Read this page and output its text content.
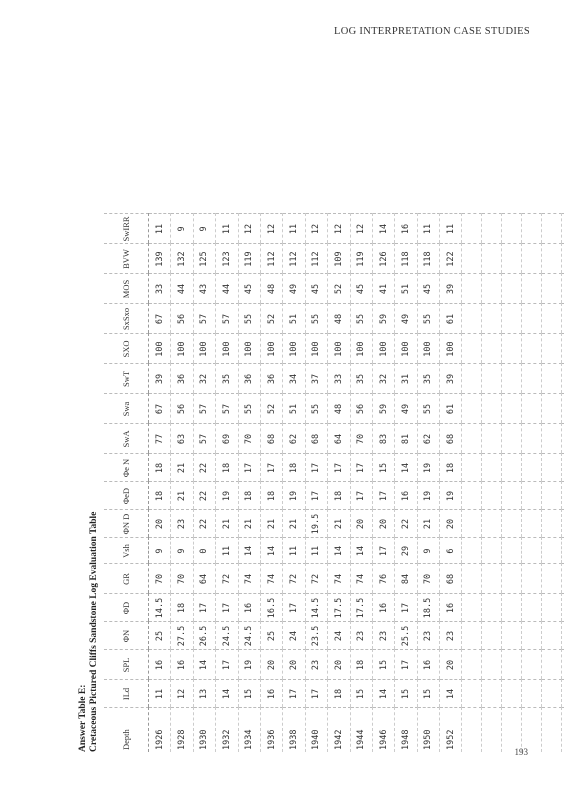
LOG INTERPRETATION CASE STUDIES
Answer Table E: Cretaceous Pictured Cliffs Sandstone Log Evaluation Table	Depth	ILd	SPL	ΦN	ΦD	GR	Vsh	ΦN D	ΦeD	Φe N	SwA	Swa	SwT	SXO	SxSxo	MOS	BVW	SwIRR
1926	11	16	25	14.5	70	9	20	18	18	77	67	39	100	67	33	139	11
1928	12	16	27.5	18	70	9	23	21	21	63	56	36	100	56	44	132	9
1930	13	14	26.5	17	64	0	22	22	22	57	57	32	100	57	43	125	9
1932	14	17	24.5	17	72	11	21	19	18	69	57	35	100	57	44	123	11
1934	15	19	24.5	16	74	14	21	18	17	70	55	36	100	55	45	119	12
1936	16	20	25	16.5	74	14	21	18	17	68	52	36	100	52	48	112	12
1938	17	20	24	17	72	11	21	19	18	62	51	34	100	51	49	112	11
1940	17	23	23.5	14.5	72	11	19.5	17	17	68	55	37	100	55	45	112	12
1942	18	20	24	17.5	74	14	21	18	17	64	48	33	100	48	52	109	12
1944	15	18	23	17.5	74	14	20	17	17	70	56	35	100	55	45	119	12
1946	14	15	23	16	76	17	20	17	15	83	59	32	100	59	41	126	14
1948	15	17	25.5	17	84	29	22	16	14	81	49	31	100	49	51	118	16
1950	15	16	23	18.5	70	9	21	19	19	62	55	35	100	55	45	118	11
1952	14	20	23	16	68	6	20	19	18	68	61	39	100	61	39	122	11

193
